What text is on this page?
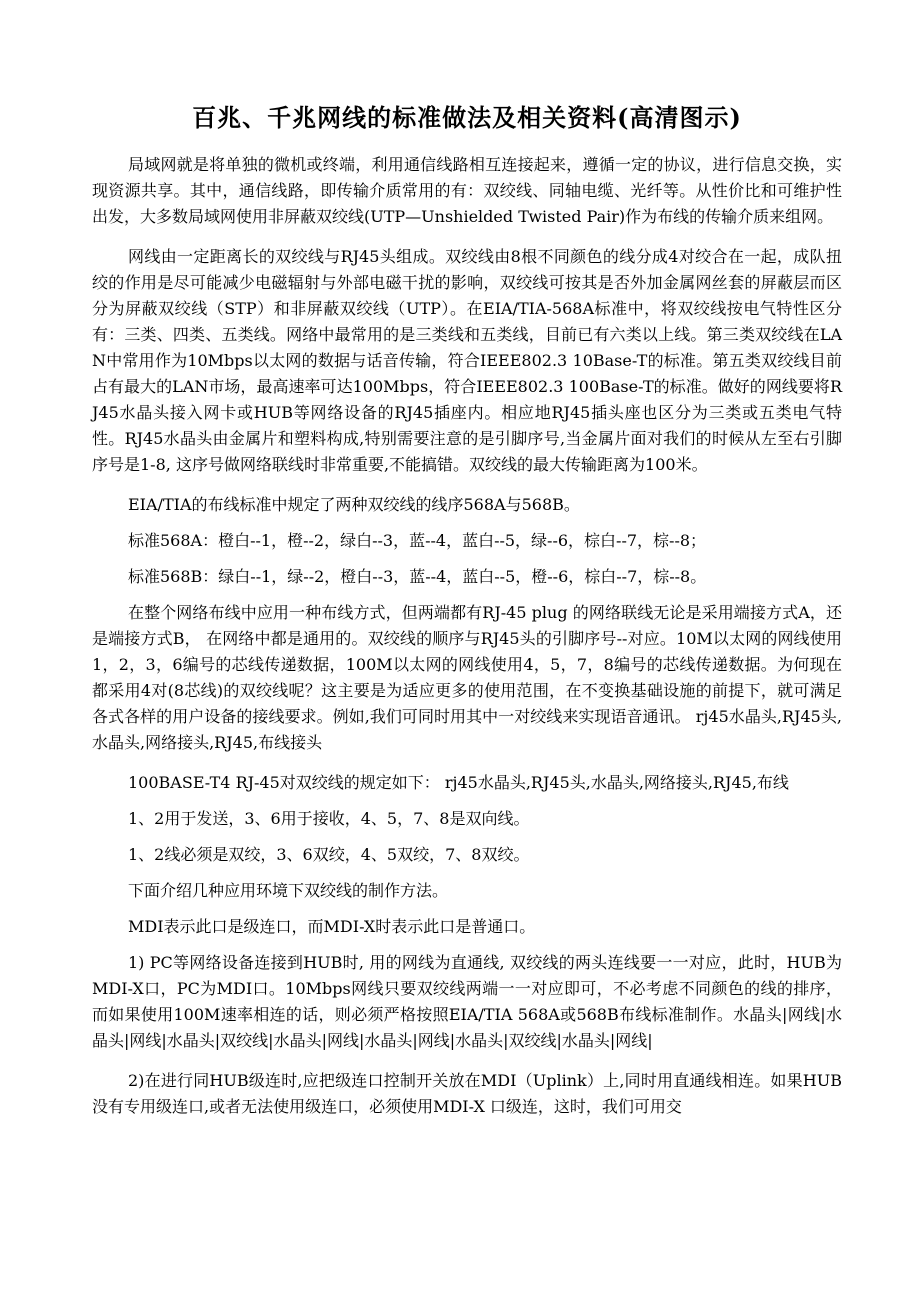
百兆、千兆网线的标准做法及相关资料(高清图示)

局域网就是将单独的微机或终端，利用通信线路相互连接起来，遵循一定的协议，进行信息交换，实现资源共享。其中，通信线路，即传输介质常用的有：双绞线、同轴电缆、光纤等。从性价比和可维护性出发，大多数局域网使用非屏蔽双绞线(UTP—Unshielded Twisted Pair)作为布线的传输介质来组网。

网线由一定距离长的双绞线与RJ45头组成。双绞线由8根不同颜色的线分成4对绞合在一起，成队扭绞的作用是尽可能减少电磁辐射与外部电磁干扰的影响，双绞线可按其是否外加金属网丝套的屏蔽层而区分为屏蔽双绞线（STP）和非屏蔽双绞线（UTP）。在EIA/TIA-568A标准中，将双绞线按电气特性区分有：三类、四类、五类线。网络中最常用的是三类线和五类线，目前已有六类以上线。第三类双绞线在LAN中常用作为10Mbps以太网的数据与话音传输，符合IEEE802.3 10Base-T的标准。第五类双绞线目前占有最大的LAN市场，最高速率可达100Mbps，符合IEEE802.3 100Base-T的标准。做好的网线要将RJ45水晶头接入网卡或HUB等网络设备的RJ45插座内。相应地RJ45插头座也区分为三类或五类电气特性。RJ45水晶头由金属片和塑料构成,特别需要注意的是引脚序号,当金属片面对我们的时候从左至右引脚序号是1-8, 这序号做网络联线时非常重要,不能搞错。双绞线的最大传输距离为100米。

EIA/TIA的布线标准中规定了两种双绞线的线序568A与568B。

标准568A：橙白--1，橙--2，绿白--3，蓝--4，蓝白--5，绿--6，棕白--7，棕--8；

标准568B：绿白--1，绿--2，橙白--3，蓝--4，蓝白--5，橙--6，棕白--7，棕--8。

在整个网络布线中应用一种布线方式，但两端都有RJ-45 plug 的网络联线无论是采用端接方式A，还是端接方式B， 在网络中都是通用的。双绞线的顺序与RJ45头的引脚序号--对应。10M以太网的网线使用1，2，3，6编号的芯线传递数据，100M以太网的网线使用4，5，7，8编号的芯线传递数据。为何现在都采用4对(8芯线)的双绞线呢？这主要是为适应更多的使用范围，在不变换基础设施的前提下，就可满足各式各样的用户设备的接线要求。例如,我们可同时用其中一对绞线来实现语音通讯。 rj45水晶头,RJ45头,水晶头,网络接头,RJ45,布线接头

100BASE-T4 RJ-45对双绞线的规定如下： rj45水晶头,RJ45头,水晶头,网络接头,RJ45,布线

1、2用于发送，3、6用于接收，4、5，7、8是双向线。

1、2线必须是双绞，3、6双绞，4、5双绞，7、8双绞。

下面介绍几种应用环境下双绞线的制作方法。

MDI表示此口是级连口，而MDI-X时表示此口是普通口。

1) PC等网络设备连接到HUB时, 用的网线为直通线, 双绞线的两头连线要一一对应，此时，HUB为MDI-X口，PC为MDI口。10Mbps网线只要双绞线两端一一对应即可，不必考虑不同颜色的线的排序，而如果使用100M速率相连的话，则必须严格按照EIA/TIA 568A或568B布线标准制作。水晶头|网线|水晶头|网线|水晶头|双绞线|水晶头|网线|水晶头|网线|水晶头|双绞线|水晶头|网线|

2)在进行同HUB级连时,应把级连口控制开关放在MDI（Uplink）上,同时用直通线相连。如果HUB没有专用级连口,或者无法使用级连口，必须使用MDI-X 口级连，这时，我们可用交
